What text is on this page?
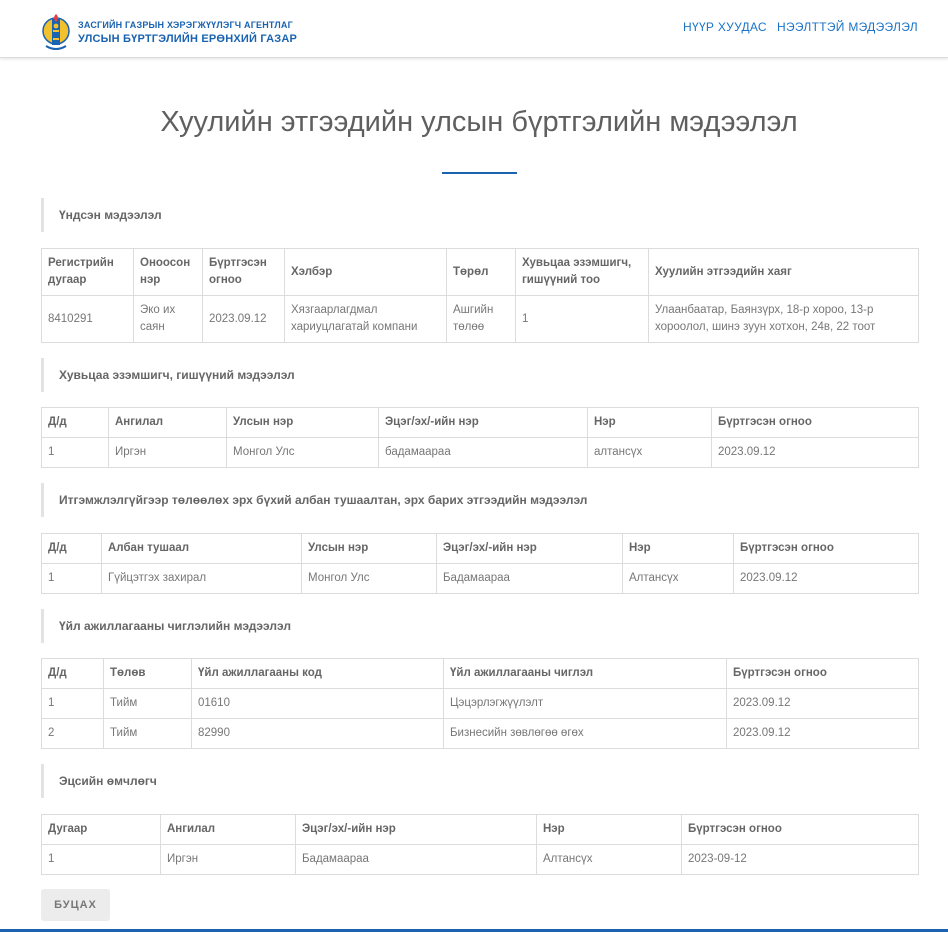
ЗАСГИЙН ГАЗРЫН ХЭРЭГЖҮҮЛЭГЧ АГЕНТЛАГ
УЛСЫН БҮРТГЭЛИЙН ЕРӨНХИЙ ГАЗАР
НҮҮР ХУУДАС НЭЭЛТТЭЙ МЭДЭЭЛЭЛ
Хуулийн этгээдийн улсын бүртгэлийн мэдээлэл
Үндсэн мэдээлэл
Регистрийн дугаар	Оноосон нэр	Бүртгэсэн огноо	Хэлбэр	Төрөл	Хувьцаа эзэмшигч, гишүүний тоо	Хуулийн этгээдийн хаяг
8410291	Эко их саян	2023.09.12	Хязгаарлагдмал хариуцлагатай компани	Ашгийн төлөө	1	Улаанбаатар, Баянзүрх, 18-р хороо, 13-р хороолол, шинэ зуун хотхон, 24в, 22 тоот
Хувьцаа эзэмшигч, гишүүний мэдээлэл
Д/д	Ангилал	Улсын нэр	Эцэг/эх/-ийн нэр	Нэр	Бүртгэсэн огноо
1	Иргэн	Монгол Улс	бадамаараа	алтансүх	2023.09.12
Итгэмжлэлгүйгээр төлөөлөх эрх бүхий албан тушаалтан, эрх барих этгээдийн мэдээлэл
Д/д	Албан тушаал	Улсын нэр	Эцэг/эх/-ийн нэр	Нэр	Бүртгэсэн огноо
1	Гүйцэтгэх захирал	Монгол Улс	Бадамаараа	Алтансүх	2023.09.12
Үйл ажиллагааны чиглэлийн мэдээлэл
Д/д	Төлөв	Үйл ажиллагааны код	Үйл ажиллагааны чиглэл	Бүртгэсэн огноо
1	Тийм	01610	Цэцэрлэгжүүлэлт	2023.09.12
2	Тийм	82990	Бизнесийн зөвлөгөө өгөх	2023.09.12
Эцсийн өмчлөгч
Дугаар	Ангилал	Эцэг/эх/-ийн нэр	Нэр	Бүртгэсэн огноо
1	Иргэн	Бадамаараа	Алтансүх	2023-09-12
БУЦАХ
